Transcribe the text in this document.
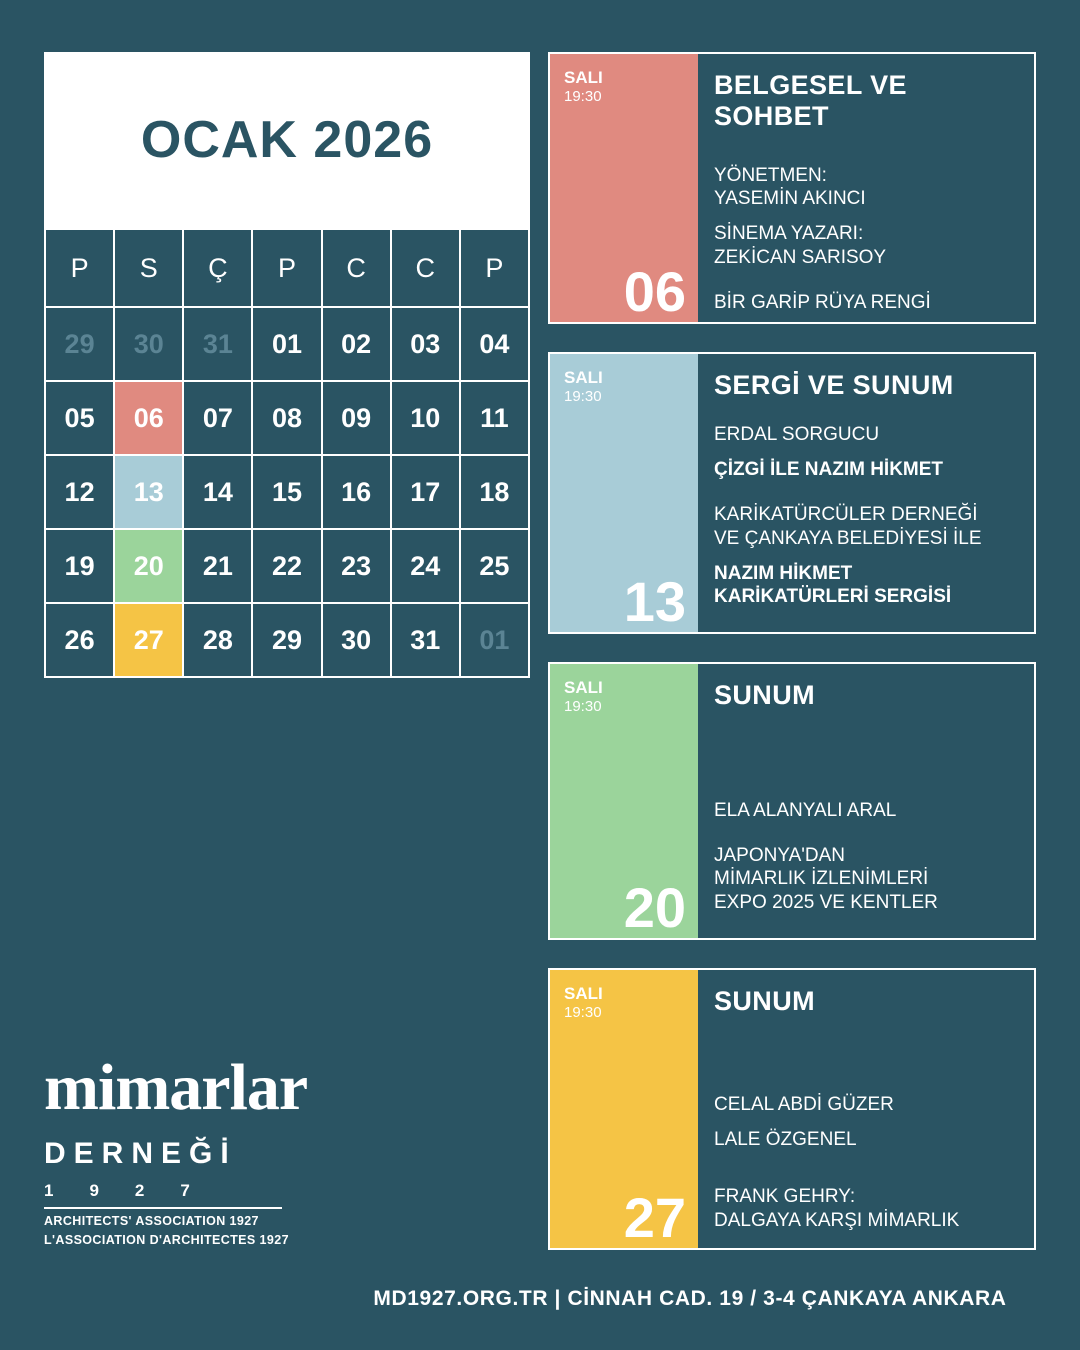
OCAK 2026
P	S	Ç	P	C	C	P
29	30	31	01	02	03	04
05	06	07	08	09	10	11
12	13	14	15	16	17	18
19	20	21	22	23	24	25
26	27	28	29	30	31	01
mimarlar
DERNEĞİ
1927
ARCHITECTS' ASSOCIATION 1927
L'ASSOCIATION D'ARCHITECTES 1927
SALI
19:30
06
BELGESEL VE SOHBET
YÖNETMEN:
YASEMİN AKINCI
SİNEMA YAZARI:
ZEKİCAN SARISOY
BİR GARİP RÜYA RENGİ
SALI
19:30
13
SERGİ VE SUNUM
ERDAL SORGUCU
ÇİZGİ İLE NAZIM HİKMET
KARİKATÜRCÜLER DERNEĞİ
VE ÇANKAYA BELEDİYESİ İLE
NAZIM HİKMET
KARİKATÜRLERİ SERGİSİ
SALI
19:30
20
SUNUM
ELA ALANYALI ARAL
JAPONYA'DAN
MİMARLIK İZLENİMLERİ
EXPO 2025 VE KENTLER
SALI
19:30
27
SUNUM
CELAL ABDİ GÜZER
LALE ÖZGENEL
FRANK GEHRY:
DALGAYA KARŞI MİMARLIK
MD1927.ORG.TR | CİNNAH CAD. 19 / 3-4 ÇANKAYA ANKARA
